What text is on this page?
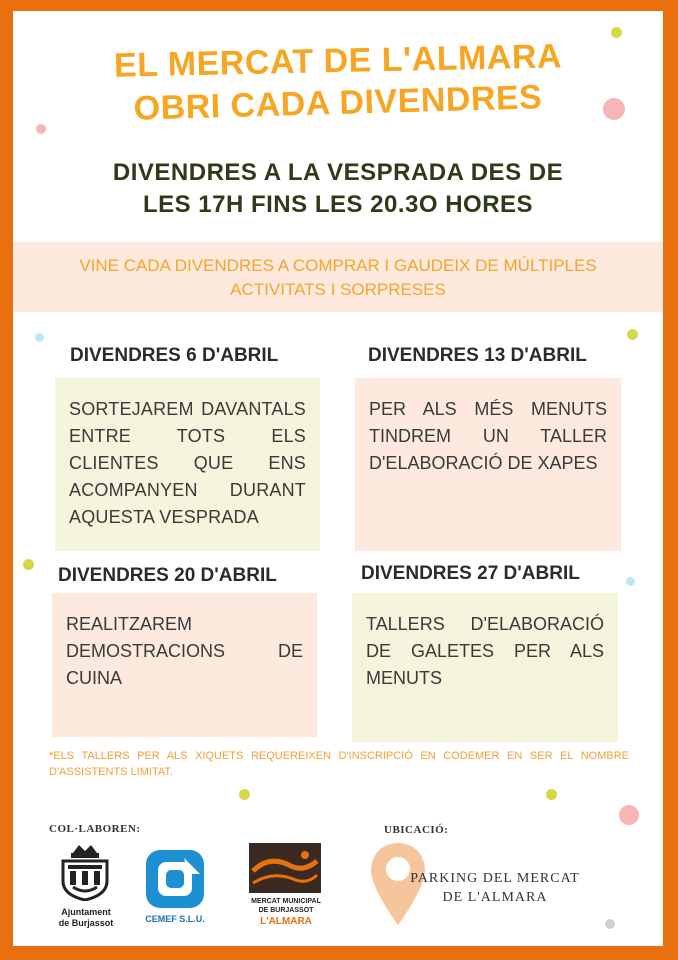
EL MERCAT DE L'ALMARA
OBRI CADA DIVENDRES
DIVENDRES A LA VESPRADA DES DE
LES 17H FINS LES 20.3O HORES
VINE CADA DIVENDRES A COMPRAR I GAUDEIX DE MÚLTIPLES
ACTIVITATS I SORPRESES
DIVENDRES 6 D'ABRIL
SORTEJAREM DAVANTALS ENTRE TOTS ELS CLIENTES QUE ENS ACOMPANYEN DURANT AQUESTA VESPRADA
DIVENDRES 13 D'ABRIL
PER ALS MÉS MENUTS TINDREM UN TALLER D'ELABORACIÓ DE XAPES
DIVENDRES 20 D'ABRIL
REALITZAREM DEMOSTRACIONS DE CUINA
DIVENDRES 27 D'ABRIL
TALLERS D'ELABORACIÓ DE GALETES PER ALS MENUTS
*ELS TALLERS PER ALS XIQUETS REQUEREIXEN D'INSCRIPCIÓ EN CODEMER EN SER EL NOMBRE D'ASSISTENTS LIMITAT.
COL·LABOREN:	UBICACIÓ:
Ajuntament
de Burjassot	CEMEF S.L.U.
MERCAT MUNICIPAL
DE BURJASSOT
L'ALMARA
PARKING DEL MERCAT
DE L'ALMARA
